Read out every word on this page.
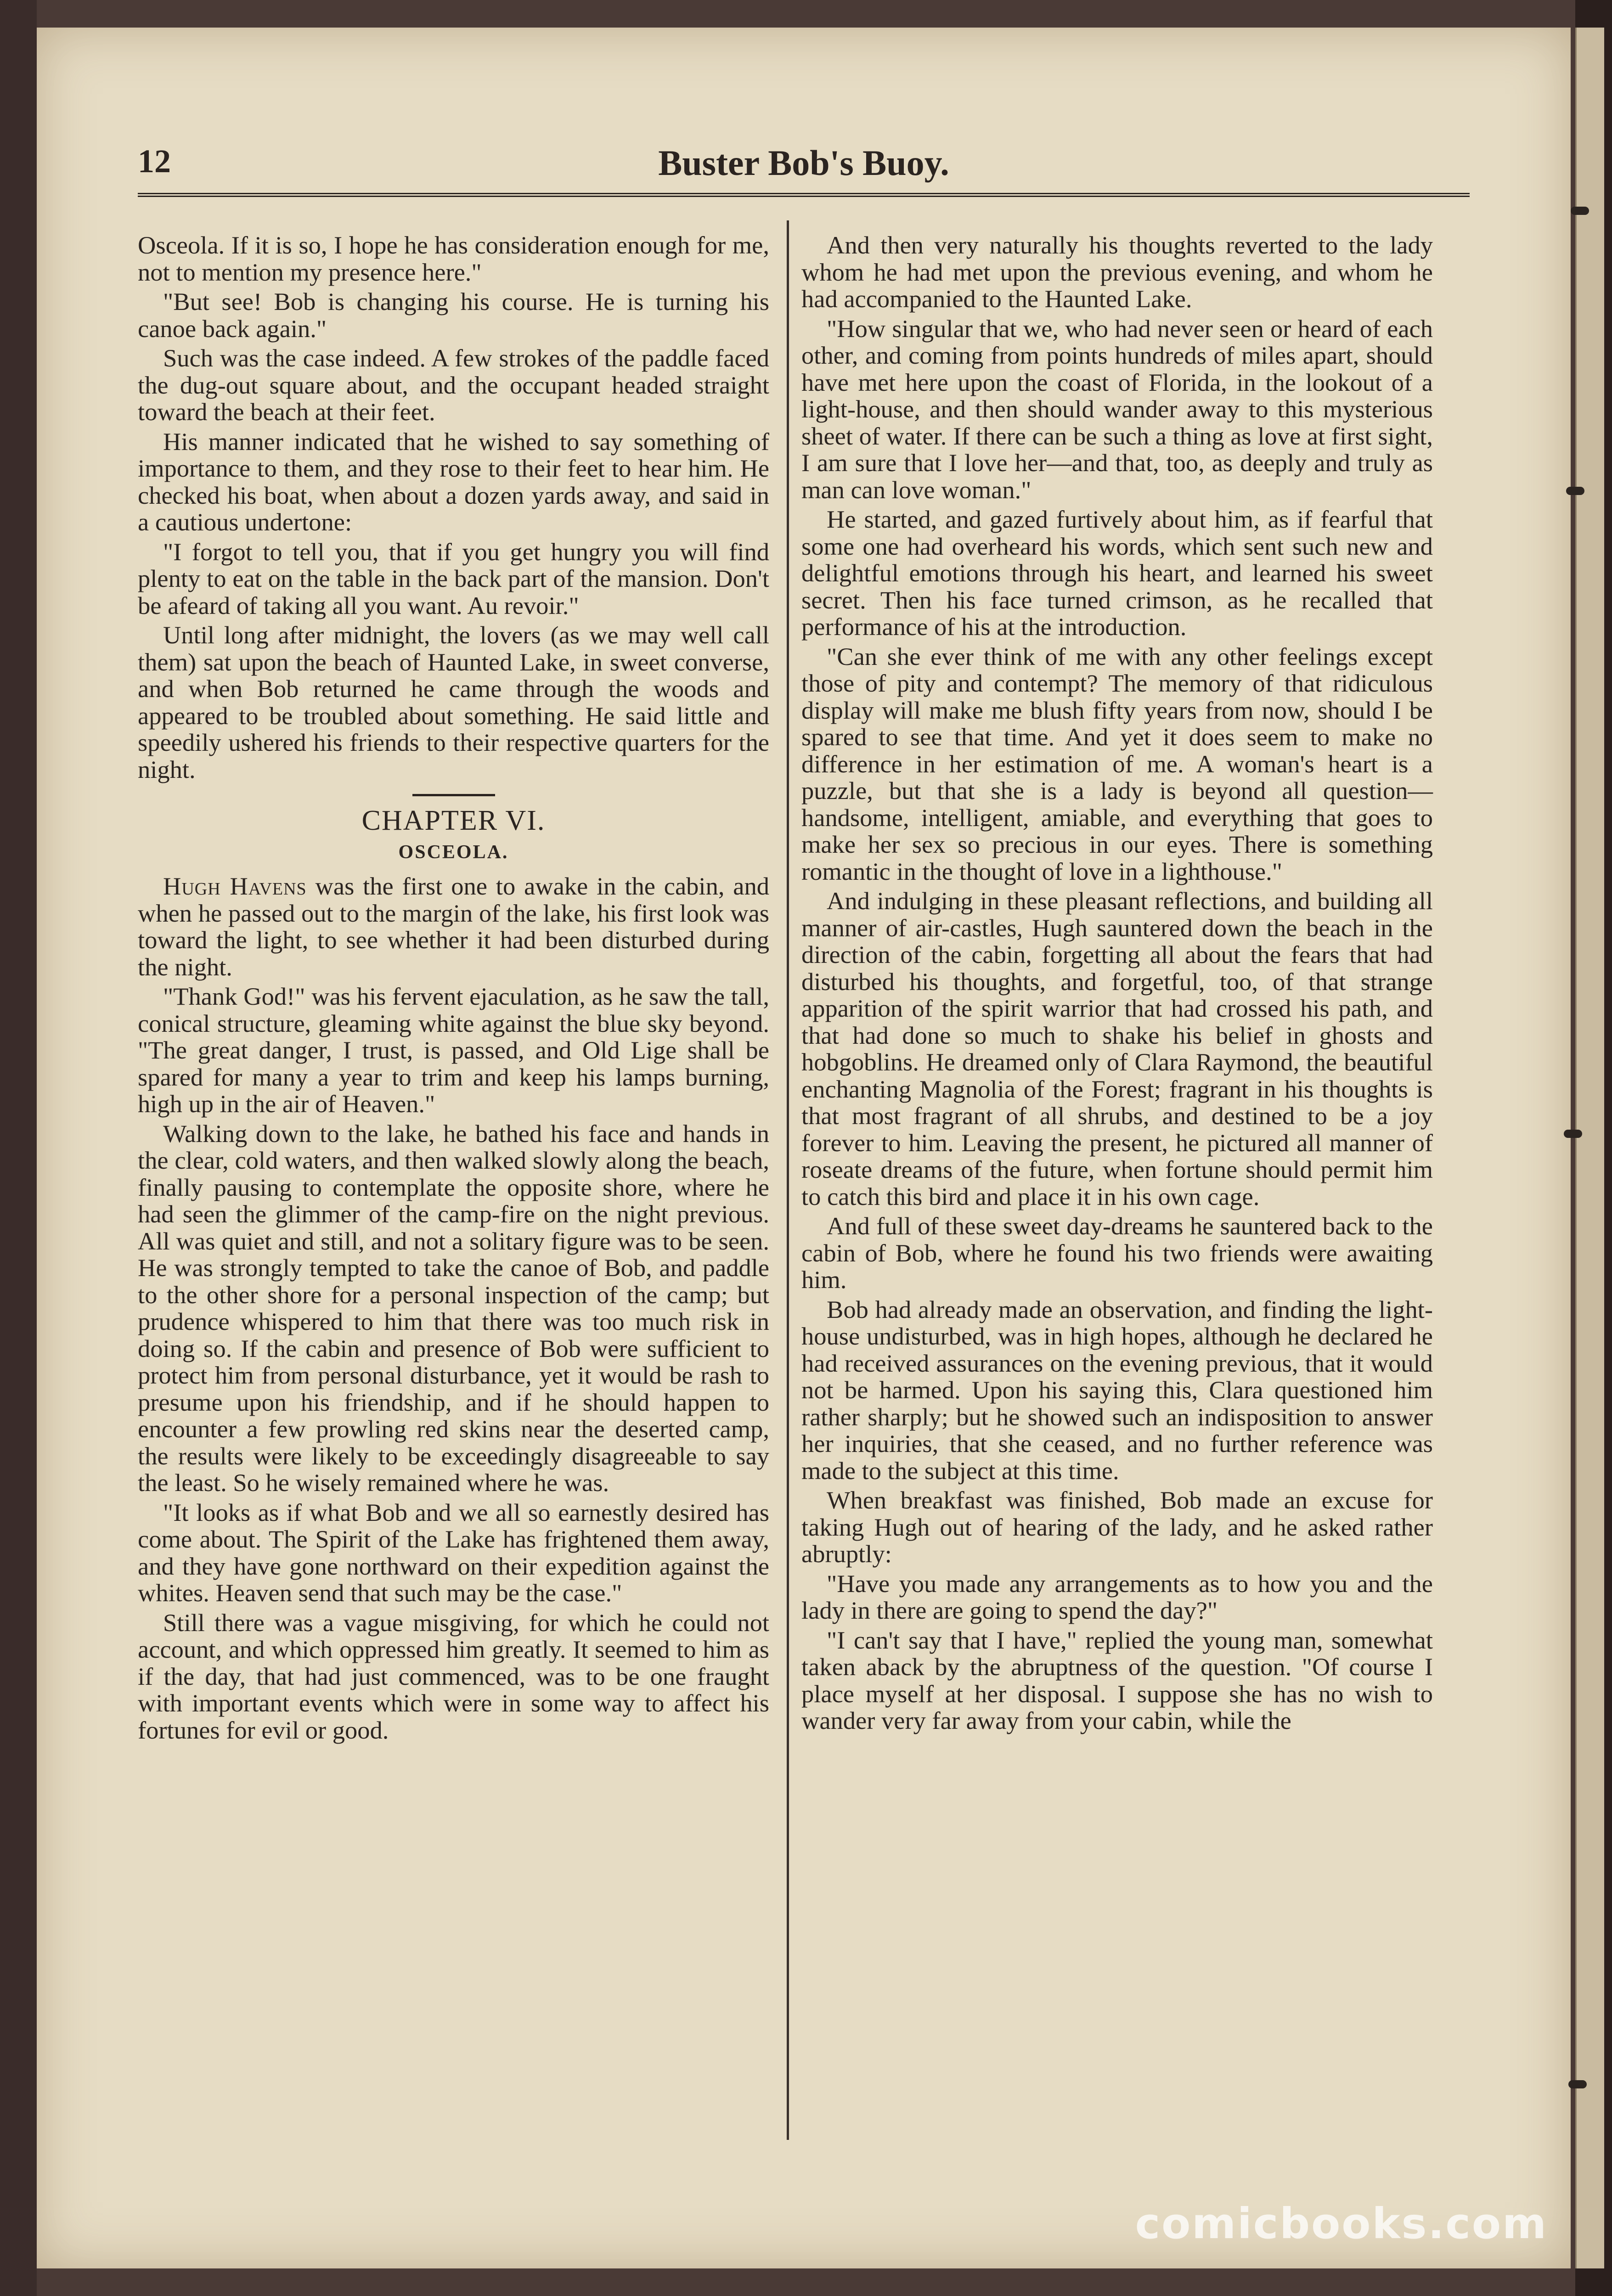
12	Buster Bob's Buoy.

Osceola. If it is so, I hope he has consideration enough for me, not to mention my presence here."

"But see! Bob is changing his course. He is turning his canoe back again."

Such was the case indeed. A few strokes of the paddle faced the dug-out square about, and the occupant headed straight toward the beach at their feet.

His manner indicated that he wished to say something of importance to them, and they rose to their feet to hear him. He checked his boat, when about a dozen yards away, and said in a cautious undertone:

"I forgot to tell you, that if you get hungry you will find plenty to eat on the table in the back part of the mansion. Don't be afeard of taking all you want. Au revoir."

Until long after midnight, the lovers (as we may well call them) sat upon the beach of Haunted Lake, in sweet converse, and when Bob returned he came through the woods and appeared to be troubled about something. He said little and speedily ushered his friends to their respective quarters for the night.

CHAPTER VI.
OSCEOLA.

Hugh Havens was the first one to awake in the cabin, and when he passed out to the margin of the lake, his first look was toward the light, to see whether it had been disturbed during the night.

"Thank God!" was his fervent ejaculation, as he saw the tall, conical structure, gleaming white against the blue sky beyond. "The great danger, I trust, is passed, and Old Lige shall be spared for many a year to trim and keep his lamps burning, high up in the air of Heaven."

Walking down to the lake, he bathed his face and hands in the clear, cold waters, and then walked slowly along the beach, finally pausing to contemplate the opposite shore, where he had seen the glimmer of the camp-fire on the night previous. All was quiet and still, and not a solitary figure was to be seen. He was strongly tempted to take the canoe of Bob, and paddle to the other shore for a personal inspection of the camp; but prudence whispered to him that there was too much risk in doing so. If the cabin and presence of Bob were sufficient to protect him from personal disturbance, yet it would be rash to presume upon his friendship, and if he should happen to encounter a few prowling red skins near the deserted camp, the results were likely to be exceedingly disagreeable to say the least. So he wisely remained where he was.

"It looks as if what Bob and we all so earnestly desired has come about. The Spirit of the Lake has frightened them away, and they have gone northward on their expedition against the whites. Heaven send that such may be the case."

Still there was a vague misgiving, for which he could not account, and which oppressed him greatly. It seemed to him as if the day, that had just commenced, was to be one fraught with important events which were in some way to affect his fortunes for evil or good.

And then very naturally his thoughts reverted to the lady whom he had met upon the previous evening, and whom he had accompanied to the Haunted Lake.

"How singular that we, who had never seen or heard of each other, and coming from points hundreds of miles apart, should have met here upon the coast of Florida, in the lookout of a light-house, and then should wander away to this mysterious sheet of water. If there can be such a thing as love at first sight, I am sure that I love her—and that, too, as deeply and truly as man can love woman."

He started, and gazed furtively about him, as if fearful that some one had overheard his words, which sent such new and delightful emotions through his heart, and learned his sweet secret. Then his face turned crimson, as he recalled that performance of his at the introduction.

"Can she ever think of me with any other feelings except those of pity and contempt? The memory of that ridiculous display will make me blush fifty years from now, should I be spared to see that time. And yet it does seem to make no difference in her estimation of me. A woman's heart is a puzzle, but that she is a lady is beyond all question—handsome, intelligent, amiable, and everything that goes to make her sex so precious in our eyes. There is something romantic in the thought of love in a lighthouse."

And indulging in these pleasant reflections, and building all manner of air-castles, Hugh sauntered down the beach in the direction of the cabin, forgetting all about the fears that had disturbed his thoughts, and forgetful, too, of that strange apparition of the spirit warrior that had crossed his path, and that had done so much to shake his belief in ghosts and hobgoblins. He dreamed only of Clara Raymond, the beautiful enchanting Magnolia of the Forest; fragrant in his thoughts is that most fragrant of all shrubs, and destined to be a joy forever to him. Leaving the present, he pictured all manner of roseate dreams of the future, when fortune should permit him to catch this bird and place it in his own cage.

And full of these sweet day-dreams he sauntered back to the cabin of Bob, where he found his two friends were awaiting him.

Bob had already made an observation, and finding the light-house undisturbed, was in high hopes, although he declared he had received assurances on the evening previous, that it would not be harmed. Upon his saying this, Clara questioned him rather sharply; but he showed such an indisposition to answer her inquiries, that she ceased, and no further reference was made to the subject at this time.

When breakfast was finished, Bob made an excuse for taking Hugh out of hearing of the lady, and he asked rather abruptly:

"Have you made any arrangements as to how you and the lady in there are going to spend the day?"

"I can't say that I have," replied the young man, somewhat taken aback by the abruptness of the question. "Of course I place myself at her disposal. I suppose she has no wish to wander very far away from your cabin, while the

comicbooks.com
